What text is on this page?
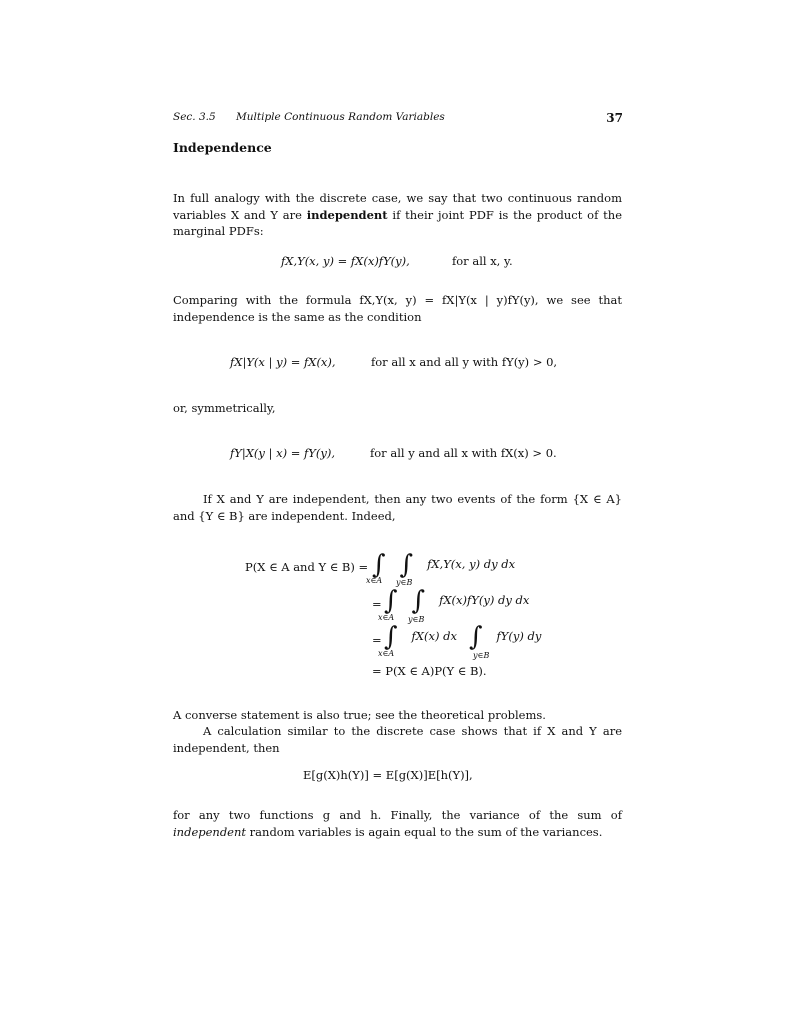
Sec. 3.5 Multiple Continuous Random Variables	37
Independence
In full analogy with the discrete case, we say that two continuous random variables X and Y are independent if their joint PDF is the product of the marginal PDFs:
fX,Y(x, y) = fX(x)fY(y),	for all x, y.
Comparing with the formula fX,Y(x, y) = fX|Y(x | y)fY(y), we see that independence is the same as the condition
fX|Y(x | y) = fX(x),	for all x and all y with fY(y) > 0,
or, symmetrically,
fY|X(y | x) = fY(y),	for all y and all x with fX(x) > 0.
If X and Y are independent, then any two events of the form {X ∈ A} and {Y ∈ B} are independent. Indeed,
P(X ∈ A and Y ∈ B) = ∫ ∫ fX,Y(x, y) dy dx
x∈A y∈B
= ∫ ∫ fX(x)fY(y) dy dx
x∈A y∈B
= ∫ fX(x) dx ∫ fY(y) dy
x∈A	y∈B
= P(X ∈ A)P(Y ∈ B).
A converse statement is also true; see the theoretical problems.
A calculation similar to the discrete case shows that if X and Y are independent, then
E[g(X)h(Y)] = E[g(X)]E[h(Y)],
for any two functions g and h. Finally, the variance of the sum of independent random variables is again equal to the sum of the variances.
